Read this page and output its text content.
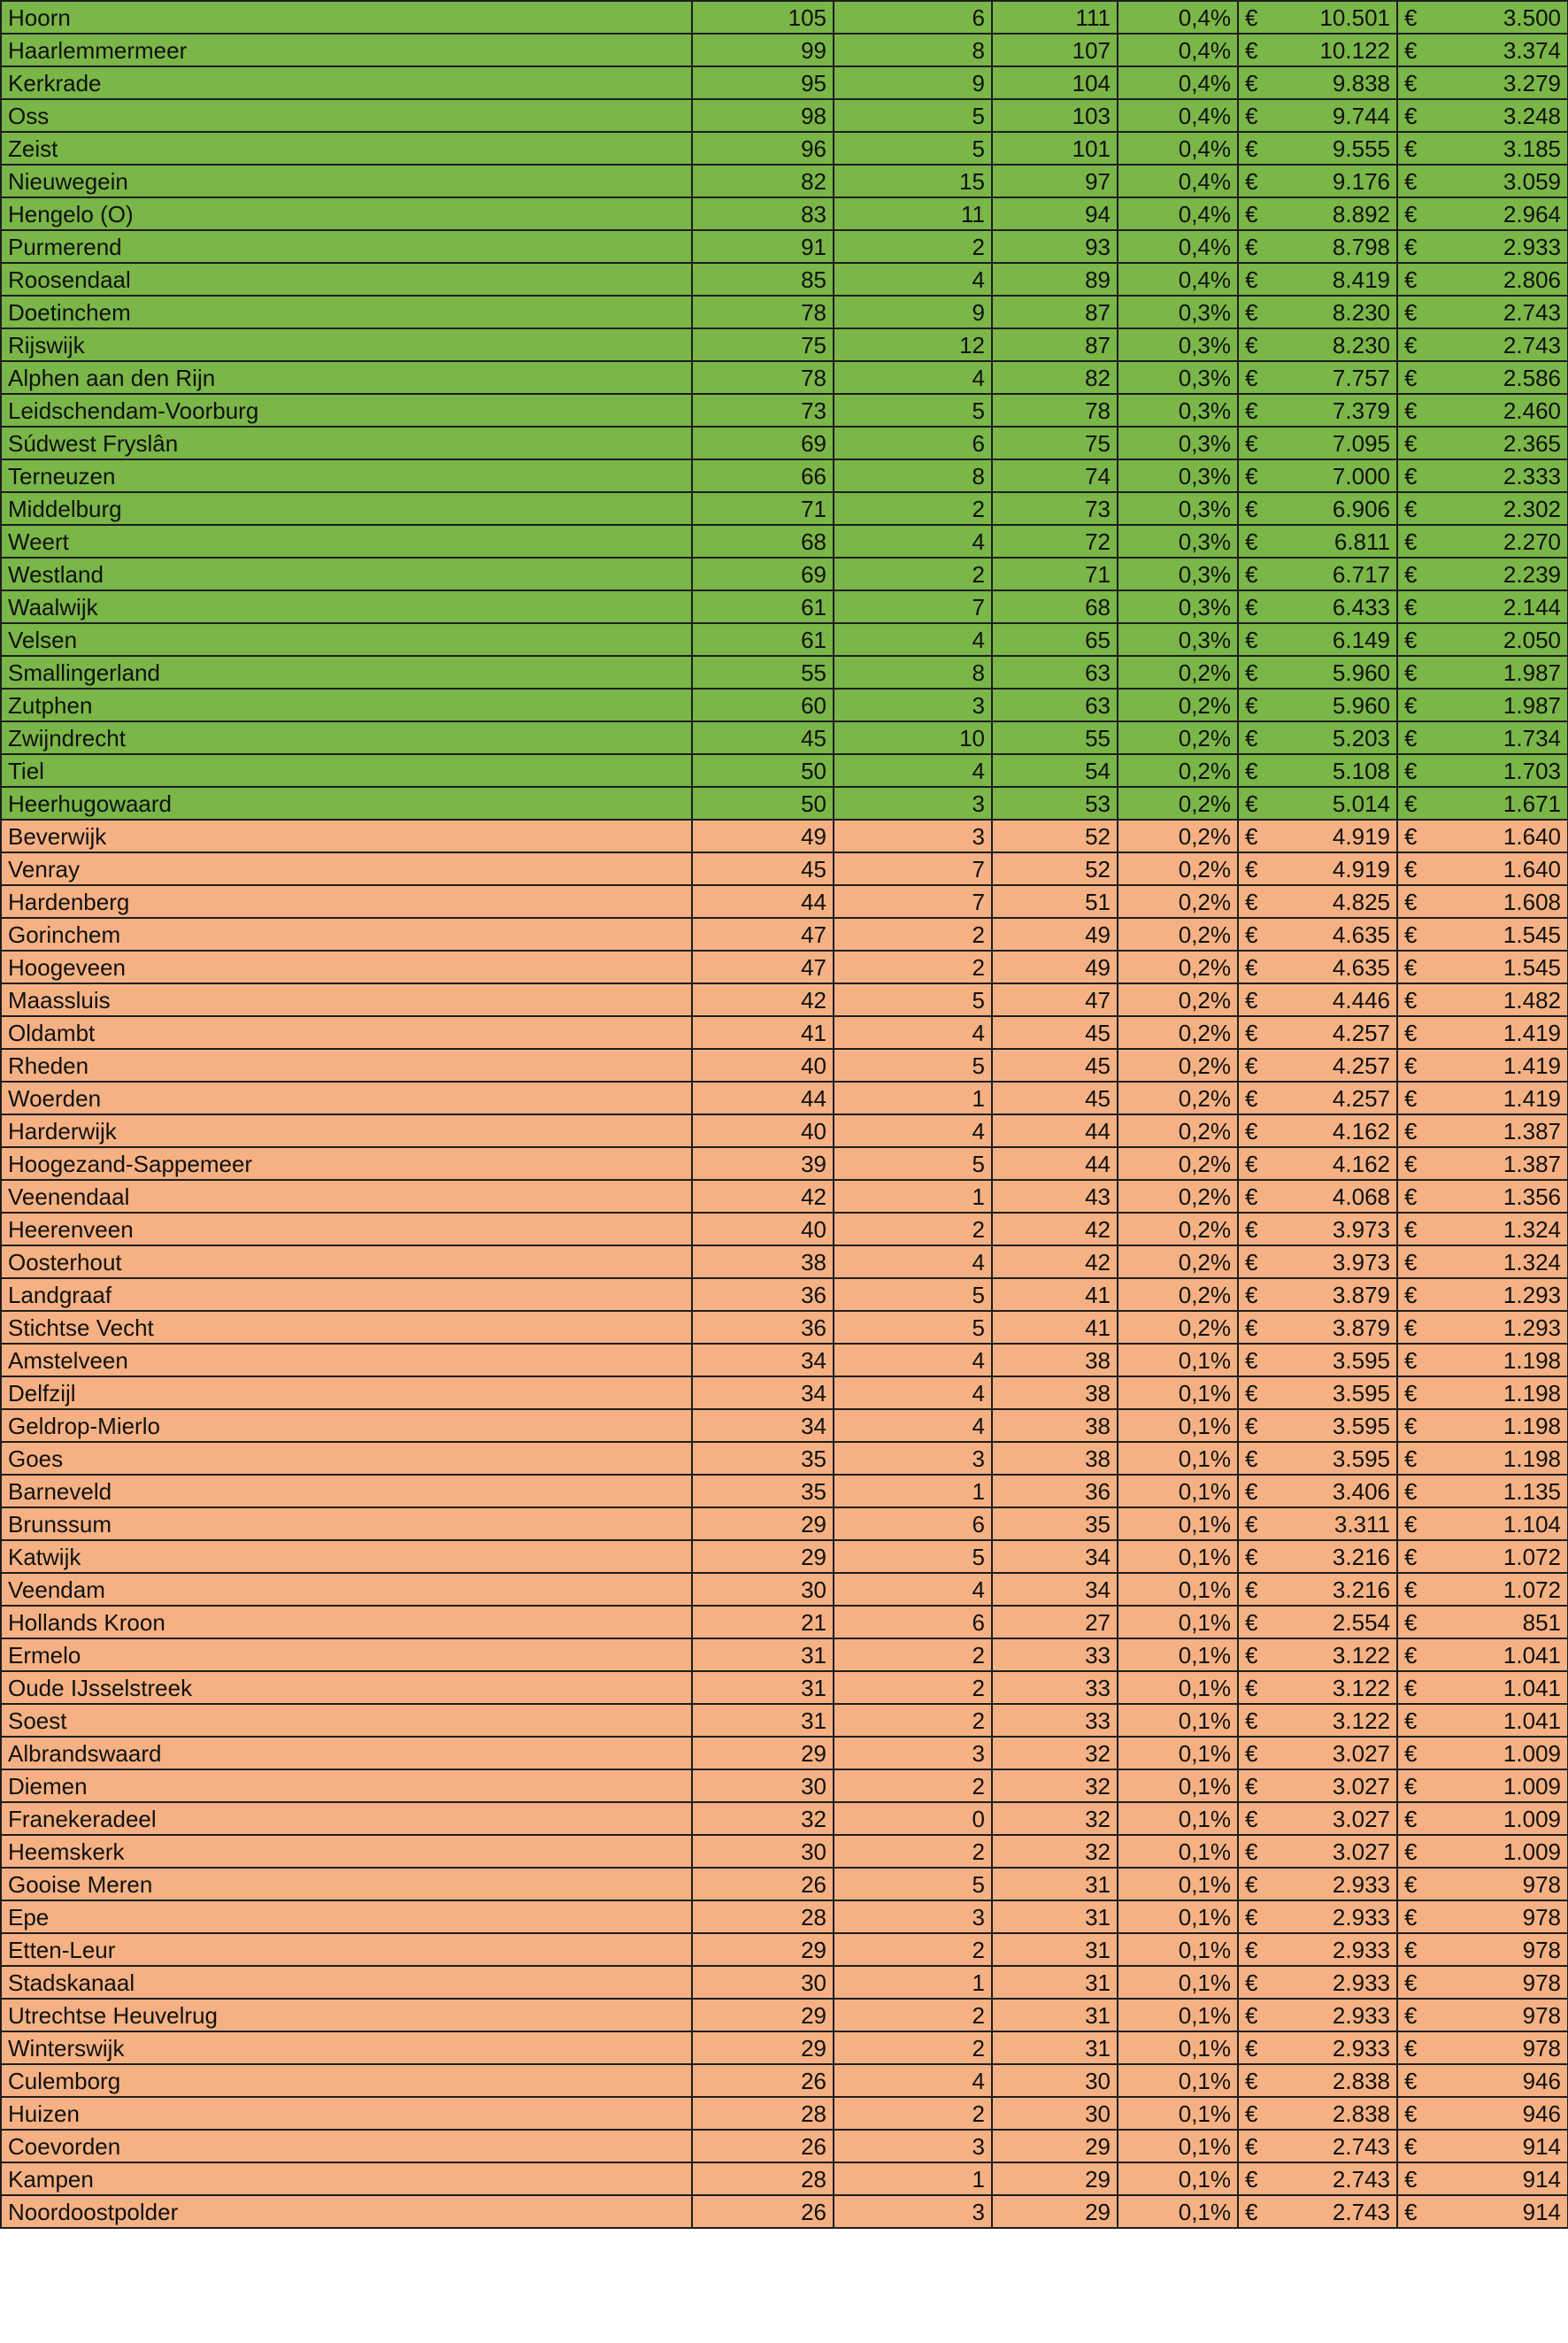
Hoorn	105	6	111	0,4%	€	10.501	€	3.500
Haarlemmermeer	99	8	107	0,4%	€	10.122	€	3.374
Kerkrade	95	9	104	0,4%	€	9.838	€	3.279
Oss	98	5	103	0,4%	€	9.744	€	3.248
Zeist	96	5	101	0,4%	€	9.555	€	3.185
Nieuwegein	82	15	97	0,4%	€	9.176	€	3.059
Hengelo (O)	83	11	94	0,4%	€	8.892	€	2.964
Purmerend	91	2	93	0,4%	€	8.798	€	2.933
Roosendaal	85	4	89	0,4%	€	8.419	€	2.806
Doetinchem	78	9	87	0,3%	€	8.230	€	2.743
Rijswijk	75	12	87	0,3%	€	8.230	€	2.743
Alphen aan den Rijn	78	4	82	0,3%	€	7.757	€	2.586
Leidschendam-Voorburg	73	5	78	0,3%	€	7.379	€	2.460
Súdwest Fryslân	69	6	75	0,3%	€	7.095	€	2.365
Terneuzen	66	8	74	0,3%	€	7.000	€	2.333
Middelburg	71	2	73	0,3%	€	6.906	€	2.302
Weert	68	4	72	0,3%	€	6.811	€	2.270
Westland	69	2	71	0,3%	€	6.717	€	2.239
Waalwijk	61	7	68	0,3%	€	6.433	€	2.144
Velsen	61	4	65	0,3%	€	6.149	€	2.050
Smallingerland	55	8	63	0,2%	€	5.960	€	1.987
Zutphen	60	3	63	0,2%	€	5.960	€	1.987
Zwijndrecht	45	10	55	0,2%	€	5.203	€	1.734
Tiel	50	4	54	0,2%	€	5.108	€	1.703
Heerhugowaard	50	3	53	0,2%	€	5.014	€	1.671
Beverwijk	49	3	52	0,2%	€	4.919	€	1.640
Venray	45	7	52	0,2%	€	4.919	€	1.640
Hardenberg	44	7	51	0,2%	€	4.825	€	1.608
Gorinchem	47	2	49	0,2%	€	4.635	€	1.545
Hoogeveen	47	2	49	0,2%	€	4.635	€	1.545
Maassluis	42	5	47	0,2%	€	4.446	€	1.482
Oldambt	41	4	45	0,2%	€	4.257	€	1.419
Rheden	40	5	45	0,2%	€	4.257	€	1.419
Woerden	44	1	45	0,2%	€	4.257	€	1.419
Harderwijk	40	4	44	0,2%	€	4.162	€	1.387
Hoogezand-Sappemeer	39	5	44	0,2%	€	4.162	€	1.387
Veenendaal	42	1	43	0,2%	€	4.068	€	1.356
Heerenveen	40	2	42	0,2%	€	3.973	€	1.324
Oosterhout	38	4	42	0,2%	€	3.973	€	1.324
Landgraaf	36	5	41	0,2%	€	3.879	€	1.293
Stichtse Vecht	36	5	41	0,2%	€	3.879	€	1.293
Amstelveen	34	4	38	0,1%	€	3.595	€	1.198
Delfzijl	34	4	38	0,1%	€	3.595	€	1.198
Geldrop-Mierlo	34	4	38	0,1%	€	3.595	€	1.198
Goes	35	3	38	0,1%	€	3.595	€	1.198
Barneveld	35	1	36	0,1%	€	3.406	€	1.135
Brunssum	29	6	35	0,1%	€	3.311	€	1.104
Katwijk	29	5	34	0,1%	€	3.216	€	1.072
Veendam	30	4	34	0,1%	€	3.216	€	1.072
Hollands Kroon	21	6	27	0,1%	€	2.554	€	851
Ermelo	31	2	33	0,1%	€	3.122	€	1.041
Oude IJsselstreek	31	2	33	0,1%	€	3.122	€	1.041
Soest	31	2	33	0,1%	€	3.122	€	1.041
Albrandswaard	29	3	32	0,1%	€	3.027	€	1.009
Diemen	30	2	32	0,1%	€	3.027	€	1.009
Franekeradeel	32	0	32	0,1%	€	3.027	€	1.009
Heemskerk	30	2	32	0,1%	€	3.027	€	1.009
Gooise Meren	26	5	31	0,1%	€	2.933	€	978
Epe	28	3	31	0,1%	€	2.933	€	978
Etten-Leur	29	2	31	0,1%	€	2.933	€	978
Stadskanaal	30	1	31	0,1%	€	2.933	€	978
Utrechtse Heuvelrug	29	2	31	0,1%	€	2.933	€	978
Winterswijk	29	2	31	0,1%	€	2.933	€	978
Culemborg	26	4	30	0,1%	€	2.838	€	946
Huizen	28	2	30	0,1%	€	2.838	€	946
Coevorden	26	3	29	0,1%	€	2.743	€	914
Kampen	28	1	29	0,1%	€	2.743	€	914
Noordoostpolder	26	3	29	0,1%	€	2.743	€	914
